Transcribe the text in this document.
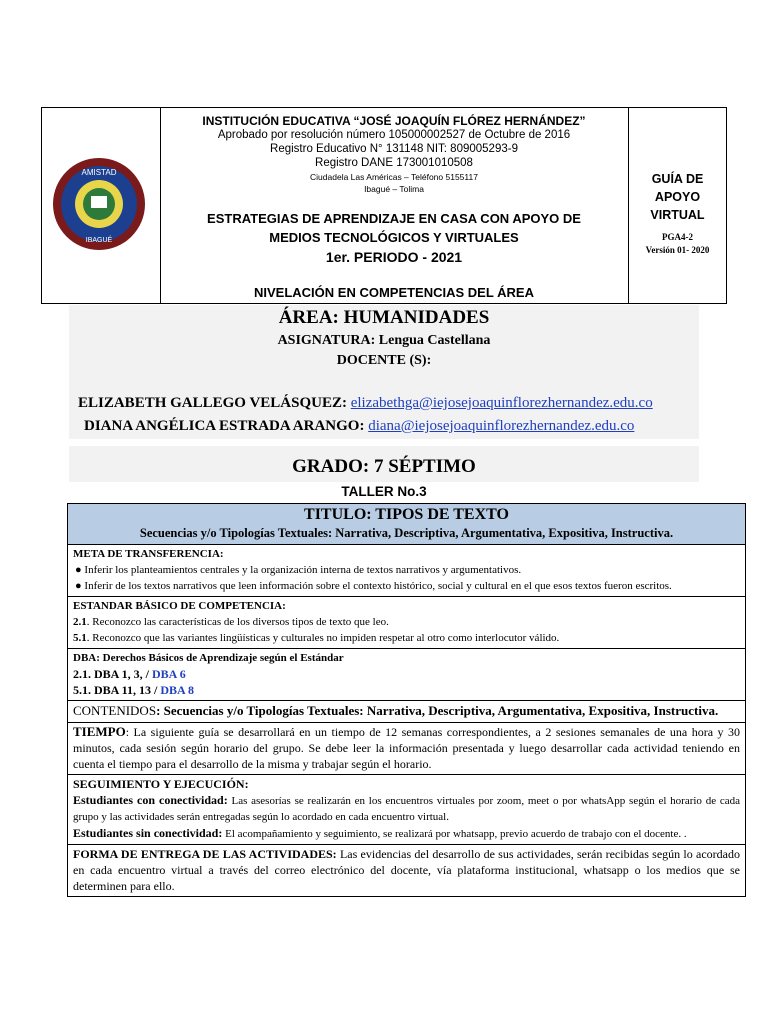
AMISTAD
IBAGUÉ
INSTITUCIÓN EDUCATIVA “JOSÉ JOAQUÍN FLÓREZ HERNÁNDEZ”
Aprobado por resolución número 105000002527 de Octubre de 2016
Registro Educativo N° 131148 NIT: 809005293-9
Registro DANE 173001010508
Ciudadela Las Américas – Teléfono 5155117
Ibagué – Tolima
ESTRATEGIAS DE APRENDIZAJE EN CASA CON APOYO DE
MEDIOS TECNOLÓGICOS Y VIRTUALES
1er. PERIODO - 2021
NIVELACIÓN EN COMPETENCIAS DEL ÁREA
GUÍA DE
APOYO
VIRTUAL
PGA4-2
Versión 01- 2020
ÁREA: HUMANIDADES
ASIGNATURA: Lengua Castellana
DOCENTE (S):
ELIZABETH GALLEGO VELÁSQUEZ: elizabethga@iejosejoaquinflorezhernandez.edu.co
DIANA ANGÉLICA ESTRADA ARANGO: diana@iejosejoaquinflorezhernandez.edu.co
GRADO: 7 SÉPTIMO
TALLER No.3
TITULO: TIPOS DE TEXTO
Secuencias y/o Tipologías Textuales: Narrativa, Descriptiva, Argumentativa, Expositiva, Instructiva.
META DE TRANSFERENCIA:
● Inferir los planteamientos centrales y la organización interna de textos narrativos y argumentativos.
● Inferir de los textos narrativos que leen información sobre el contexto histórico, social y cultural en el que esos textos fueron escritos.
ESTANDAR BÁSICO DE COMPETENCIA:
2.1. Reconozco las características de los diversos tipos de texto que leo.
5.1. Reconozco que las variantes lingüísticas y culturales no impiden respetar al otro como interlocutor válido.
DBA: Derechos Básicos de Aprendizaje según el Estándar
2.1. DBA 1, 3, / DBA 6
5.1. DBA 11, 13 / DBA 8
CONTENIDOS: Secuencias y/o Tipologías Textuales: Narrativa, Descriptiva, Argumentativa, Expositiva, Instructiva.
TIEMPO: La siguiente guía se desarrollará en un tiempo de 12 semanas correspondientes, a 2 sesiones semanales de una hora y 30 minutos, cada sesión según horario del grupo. Se debe leer la información presentada y luego desarrollar cada actividad teniendo en cuenta el tiempo para el desarrollo de la misma y trabajar según el horario.
SEGUIMIENTO Y EJECUCIÓN:
Estudiantes con conectividad: Las asesorías se realizarán en los encuentros virtuales por zoom, meet o por whatsApp según el horario de cada grupo y las actividades serán entregadas según lo acordado en cada encuentro virtual.
Estudiantes sin conectividad: El acompañamiento y seguimiento, se realizará por whatsapp, previo acuerdo de trabajo con el docente. .
FORMA DE ENTREGA DE LAS ACTIVIDADES: Las evidencias del desarrollo de sus actividades, serán recibidas según lo acordado en cada encuentro virtual a través del correo electrónico del docente, vía plataforma institucional, whatsapp o los medios que se determinen para ello.
